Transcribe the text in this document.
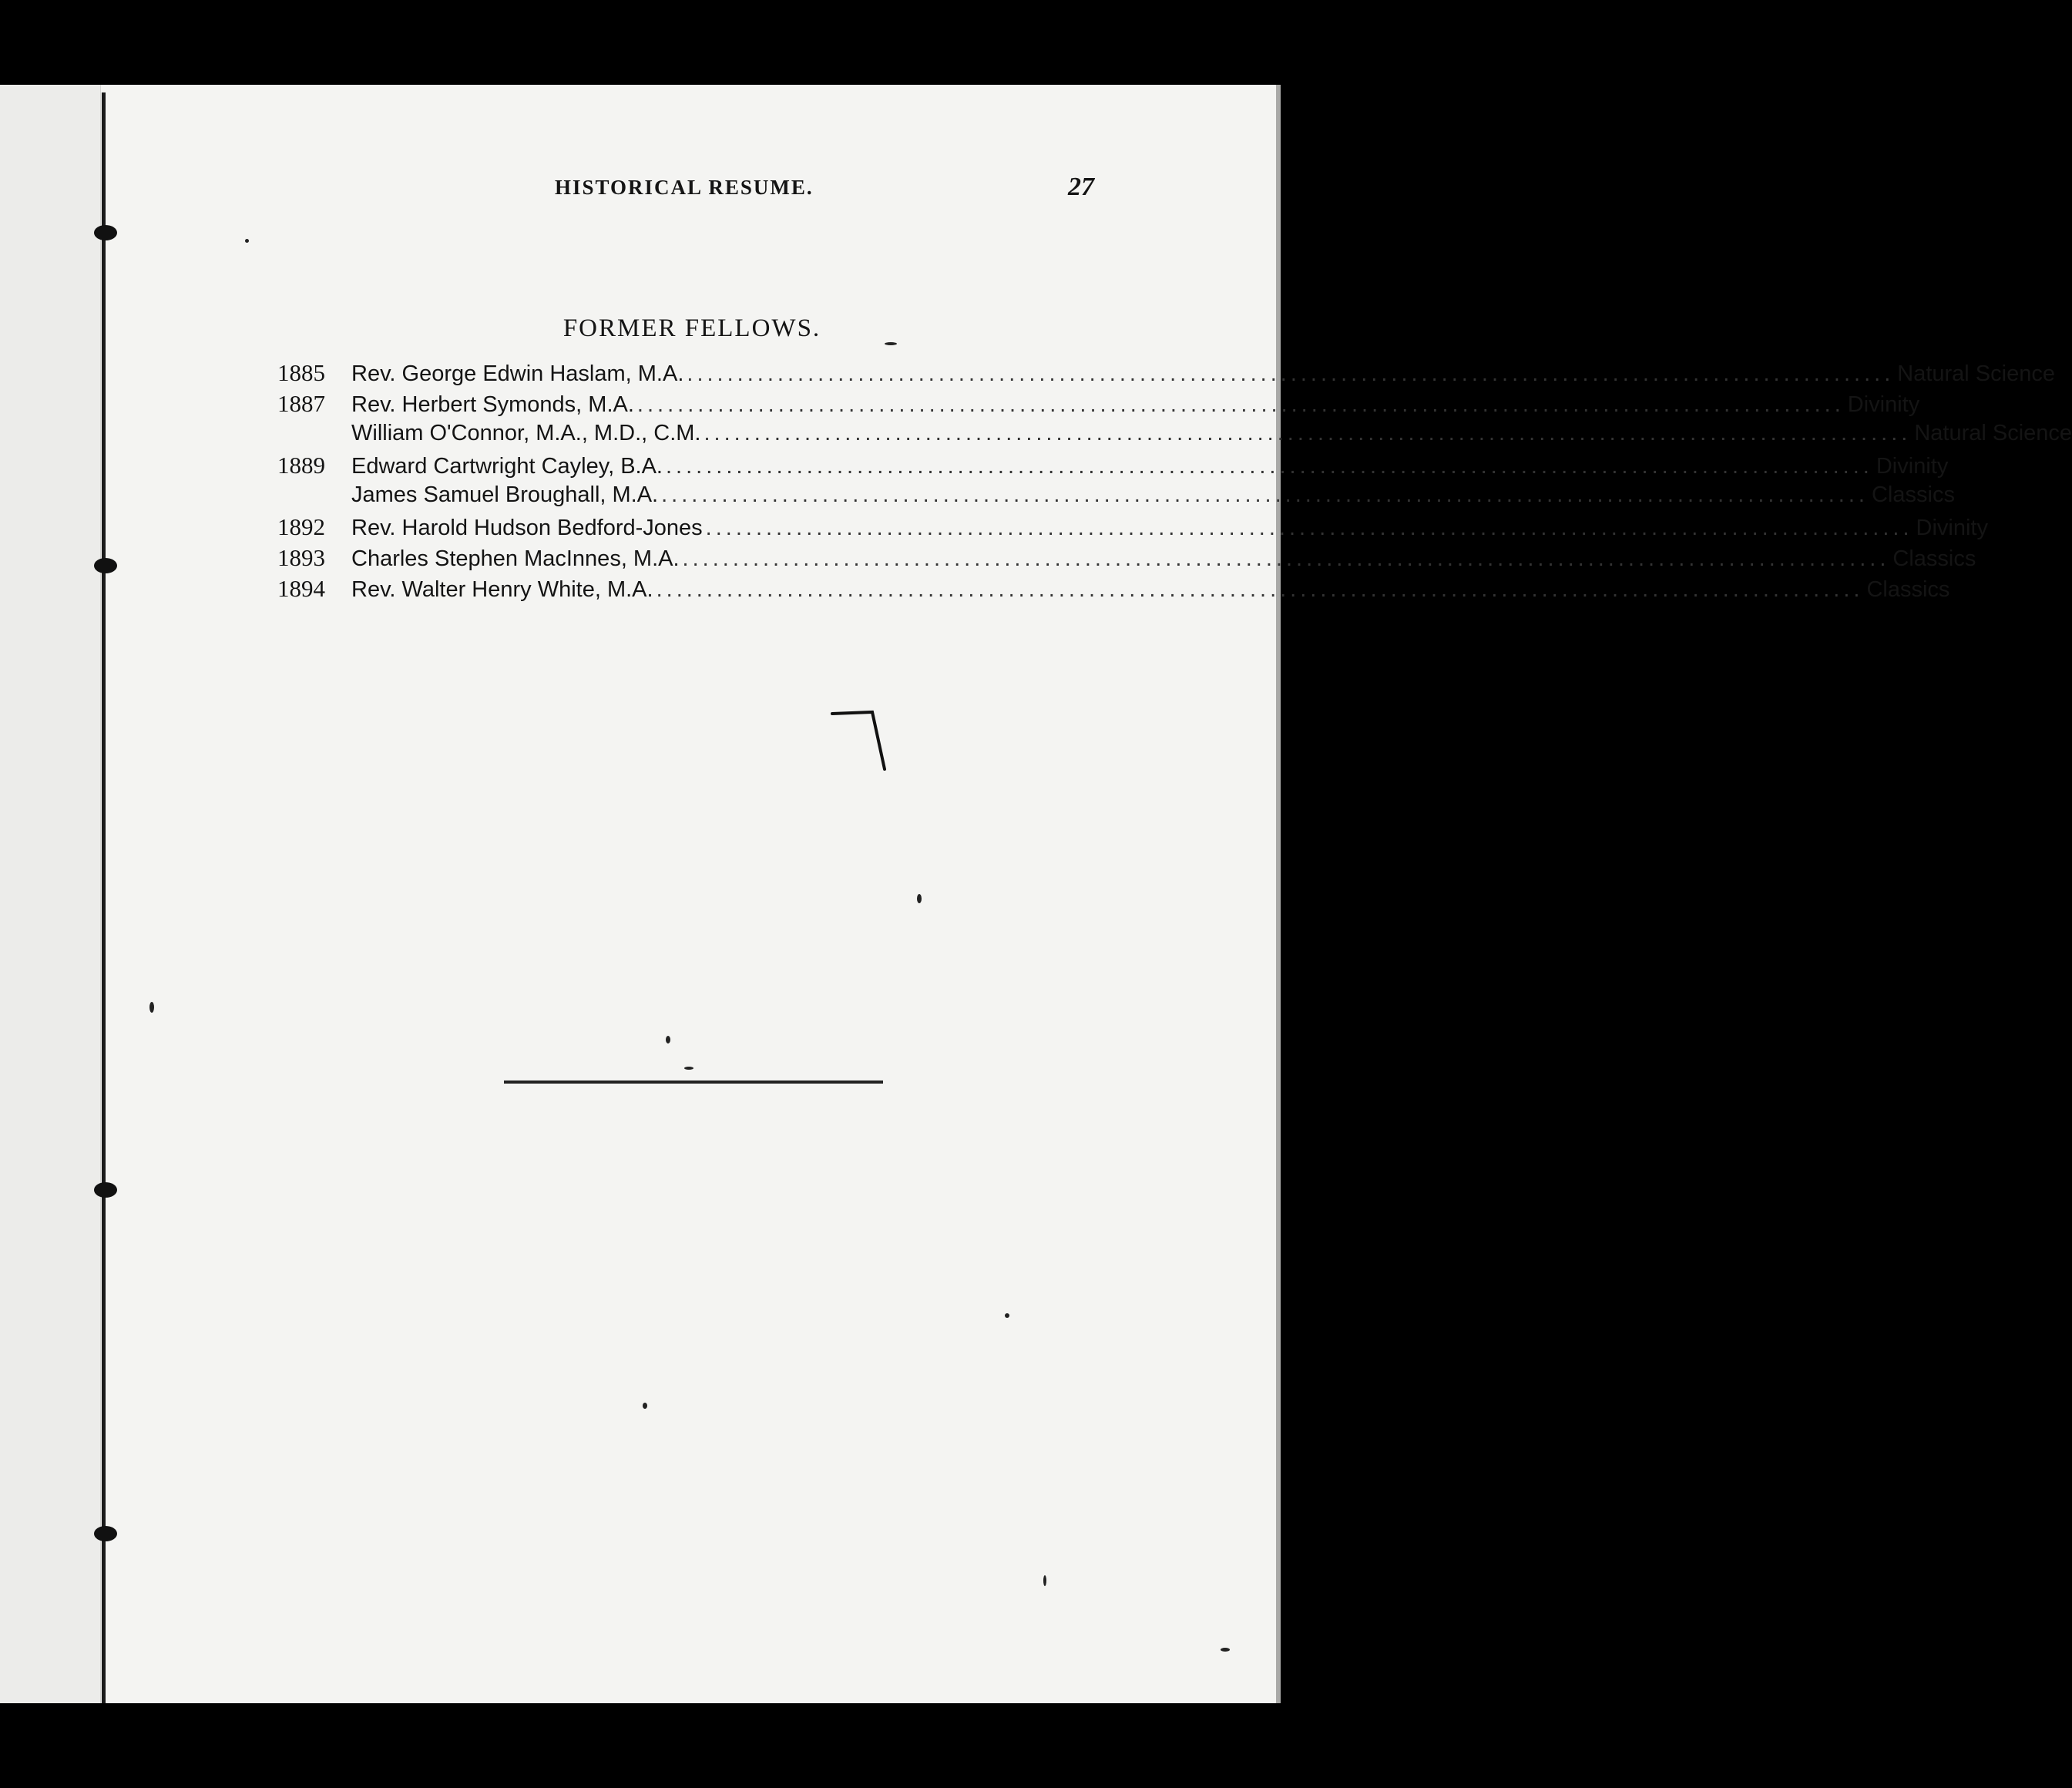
HISTORICAL RESUME.	27
FORMER FELLOWS.
1885	Rev. George Edwin Haslam, M.A. ........................................................................................................................ Natural Science
1887	Rev. Herbert Symonds, M.A. ........................................................................................................................ Divinity
William O'Connor, M.A., M.D., C.M. ........................................................................................................................ Natural Science
1889	Edward Cartwright Cayley, B.A. ........................................................................................................................ Divinity
James Samuel Broughall, M.A. ........................................................................................................................ Classics
1892	Rev. Harold Hudson Bedford-Jones ........................................................................................................................ Divinity
1893	Charles Stephen MacInnes, M.A. ........................................................................................................................ Classics
1894	Rev. Walter Henry White, M.A. ........................................................................................................................ Classics
